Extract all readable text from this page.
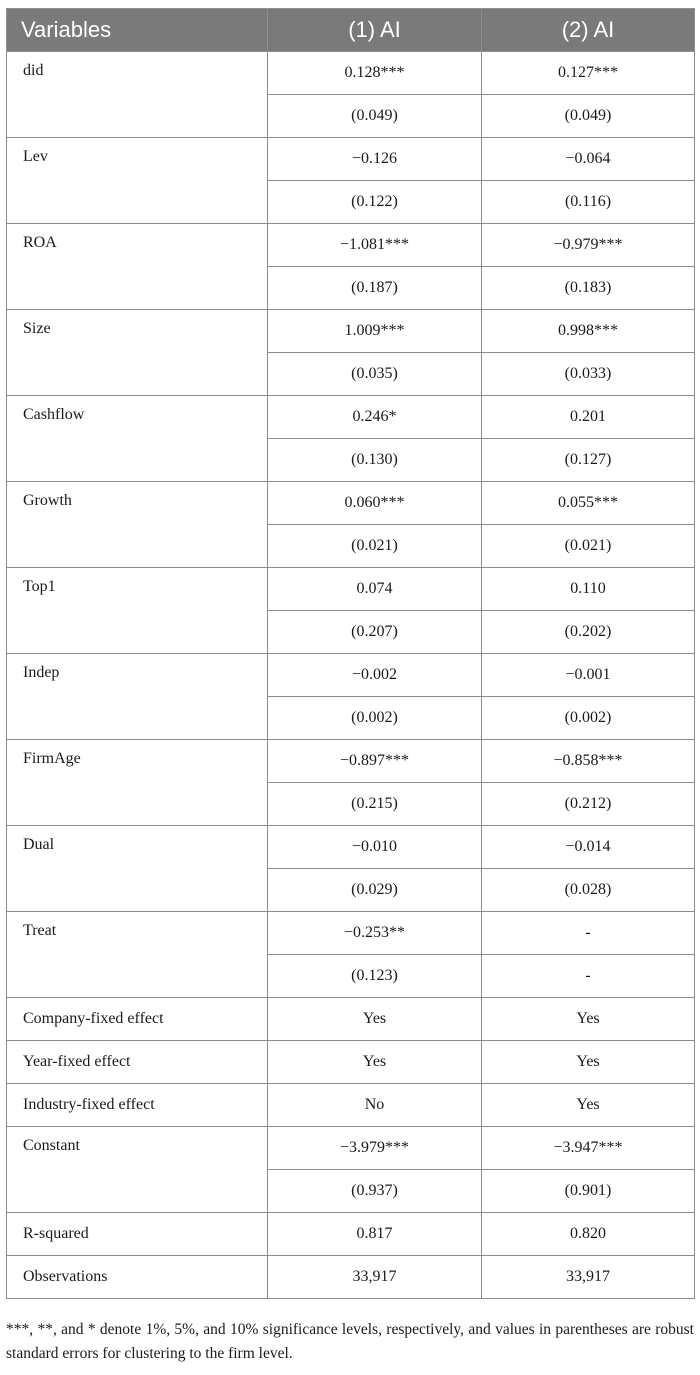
Variables	(1) AI	(2) AI
did	0.128***	0.127***
	(0.049)	(0.049)
Lev	−0.126	−0.064
	(0.122)	(0.116)
ROA	−1.081***	−0.979***
	(0.187)	(0.183)
Size	1.009***	0.998***
	(0.035)	(0.033)
Cashflow	0.246*	0.201
	(0.130)	(0.127)
Growth	0.060***	0.055***
	(0.021)	(0.021)
Top1	0.074	0.110
	(0.207)	(0.202)
Indep	−0.002	−0.001
	(0.002)	(0.002)
FirmAge	−0.897***	−0.858***
	(0.215)	(0.212)
Dual	−0.010	−0.014
	(0.029)	(0.028)
Treat	−0.253**	-
	(0.123)	-
Company-fixed effect	Yes	Yes
Year-fixed effect	Yes	Yes
Industry-fixed effect	No	Yes
Constant	−3.979***	−3.947***
	(0.937)	(0.901)
R-squared	0.817	0.820
Observations	33,917	33,917
***, **, and * denote 1%, 5%, and 10% significance levels, respectively, and values in parentheses are robust standard errors for clustering to the firm level.
